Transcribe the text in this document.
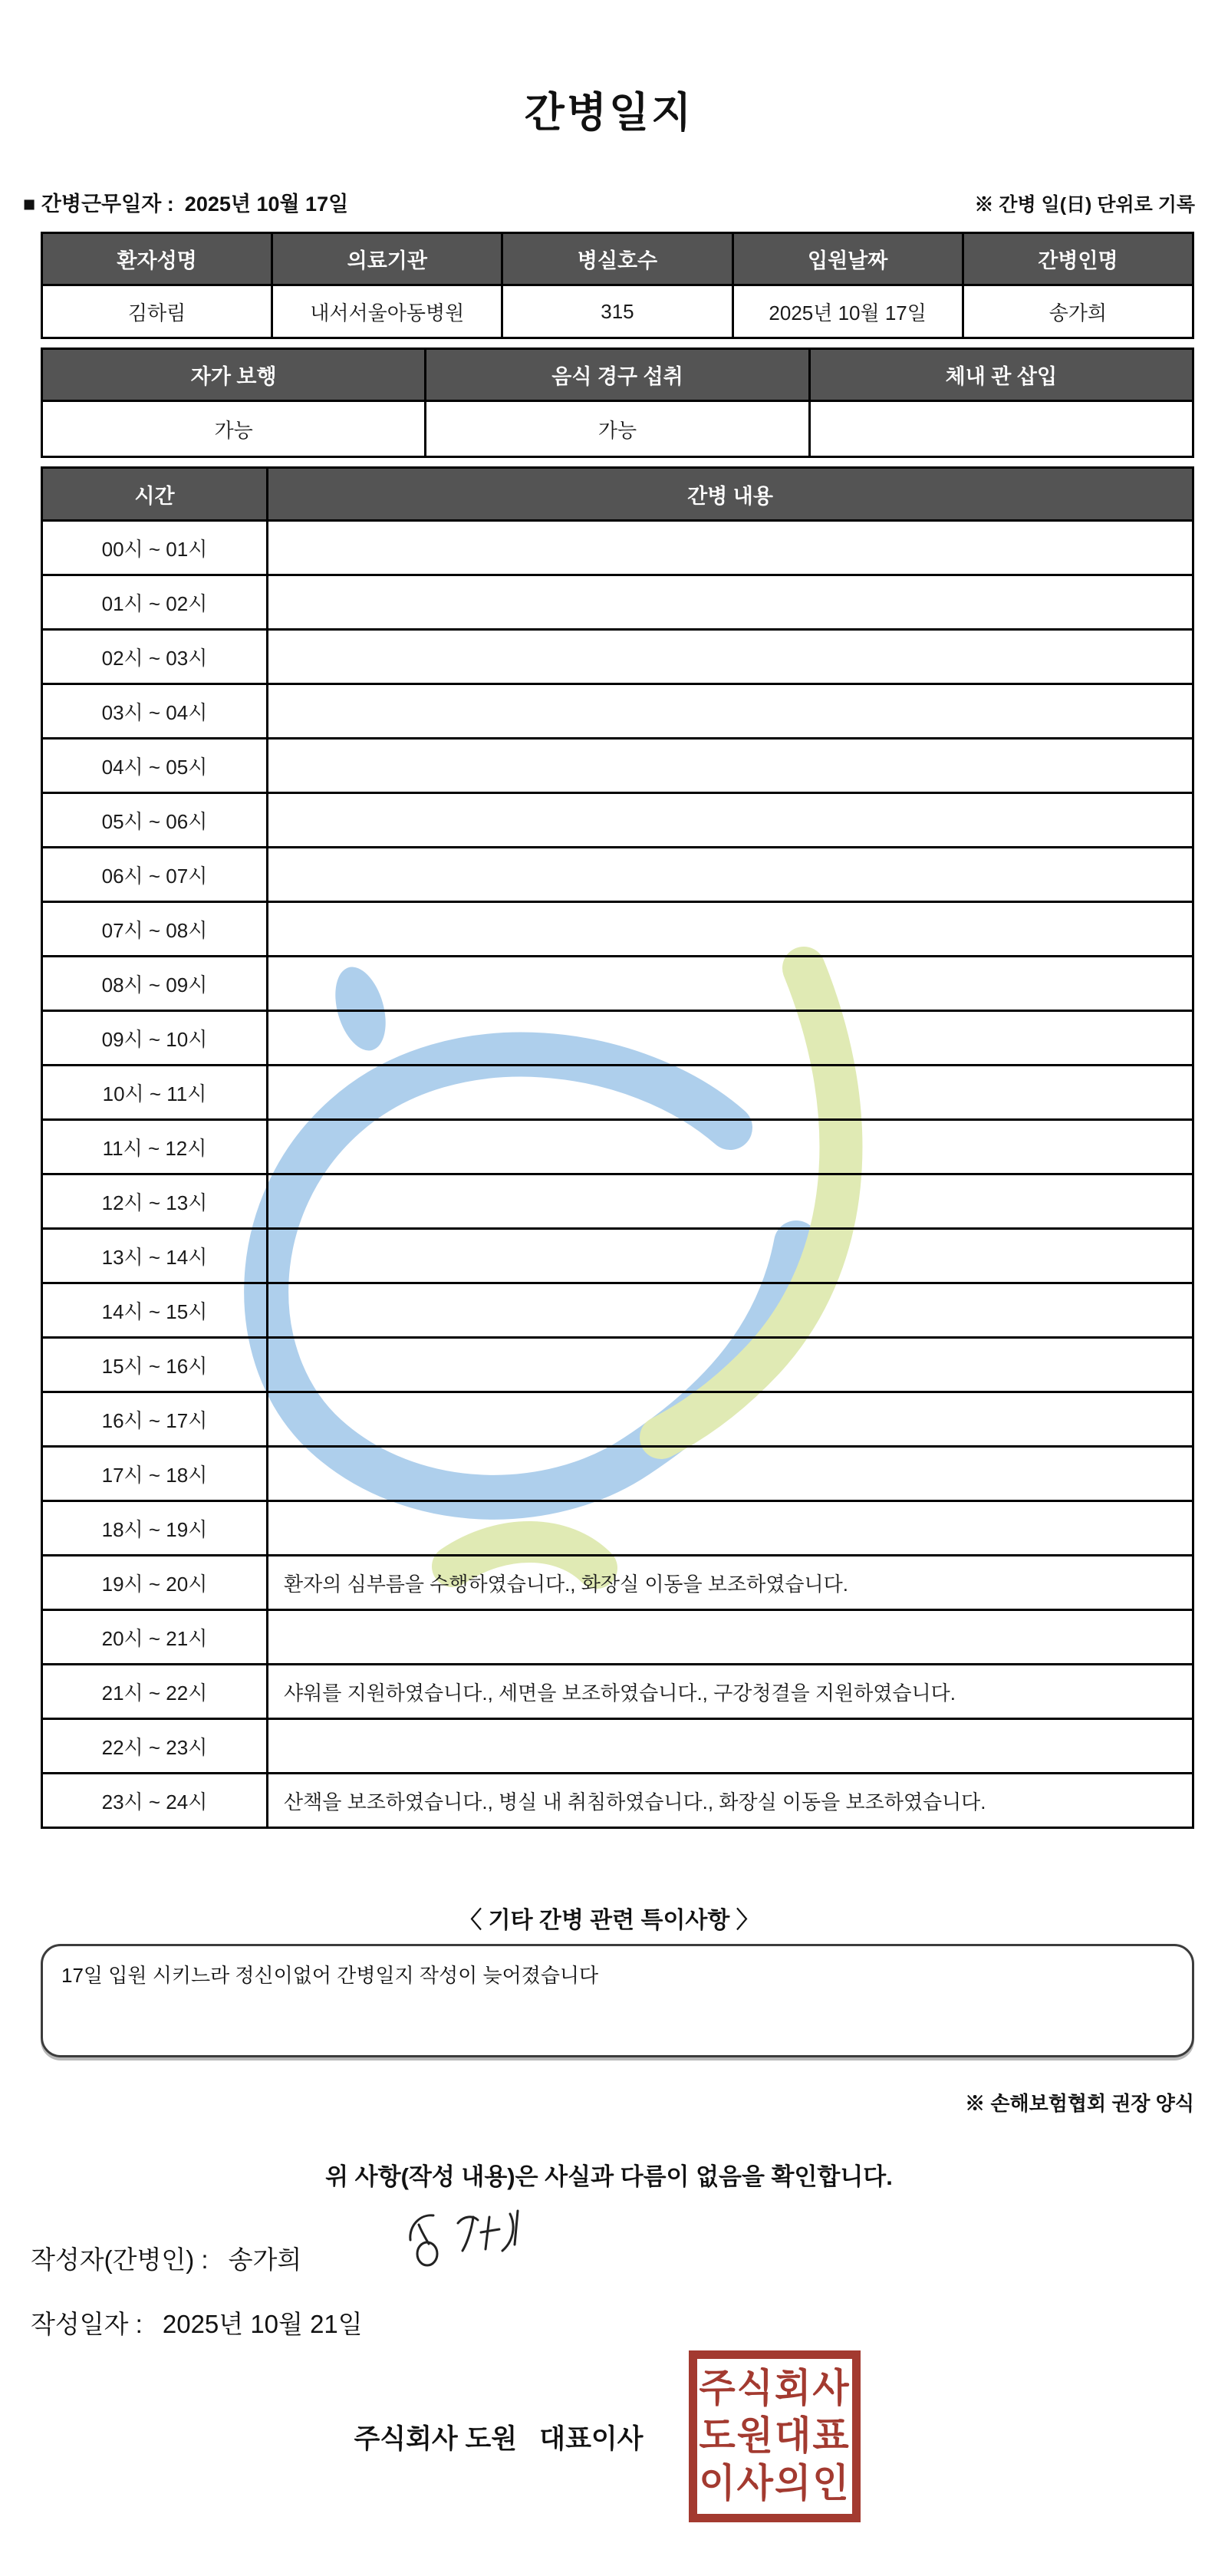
간병일지
■ 간병근무일자 : 2025년 10월 17일	※ 간병 일(日) 단위로 기록
환자성명	의료기관	병실호수	입원날짜	간병인명
김하림	내서서울아동병원	315	2025년 10월 17일	송가희
자가 보행	음식 경구 섭취	체내 관 삽입
가능	가능	
시간	간병 내용
00시 ~ 01시	
01시 ~ 02시	
02시 ~ 03시	
03시 ~ 04시	
04시 ~ 05시	
05시 ~ 06시	
06시 ~ 07시	
07시 ~ 08시	
08시 ~ 09시	
09시 ~ 10시	
10시 ~ 11시	
11시 ~ 12시	
12시 ~ 13시	
13시 ~ 14시	
14시 ~ 15시	
15시 ~ 16시	
16시 ~ 17시	
17시 ~ 18시	
18시 ~ 19시	
19시 ~ 20시	환자의 심부름을 수행하였습니다., 화장실 이동을 보조하였습니다.
20시 ~ 21시	
21시 ~ 22시	샤워를 지원하였습니다., 세면을 보조하였습니다., 구강청결을 지원하였습니다.
22시 ~ 23시	
23시 ~ 24시	산책을 보조하였습니다., 병실 내 취침하였습니다., 화장실 이동을 보조하였습니다.
〈 기타 간병 관련 특이사항 〉
17일 입원 시키느라 정신이없어 간병일지 작성이 늦어졌습니다
※ 손해보험협회 권장 양식
위 사항(작성 내용)은 사실과 다름이 없음을 확인합니다.
작성자(간병인) : 송가희
작성일자 : 2025년 10월 21일
주식회사 도원   대표이사
주식회사
도원대표
이사의인
